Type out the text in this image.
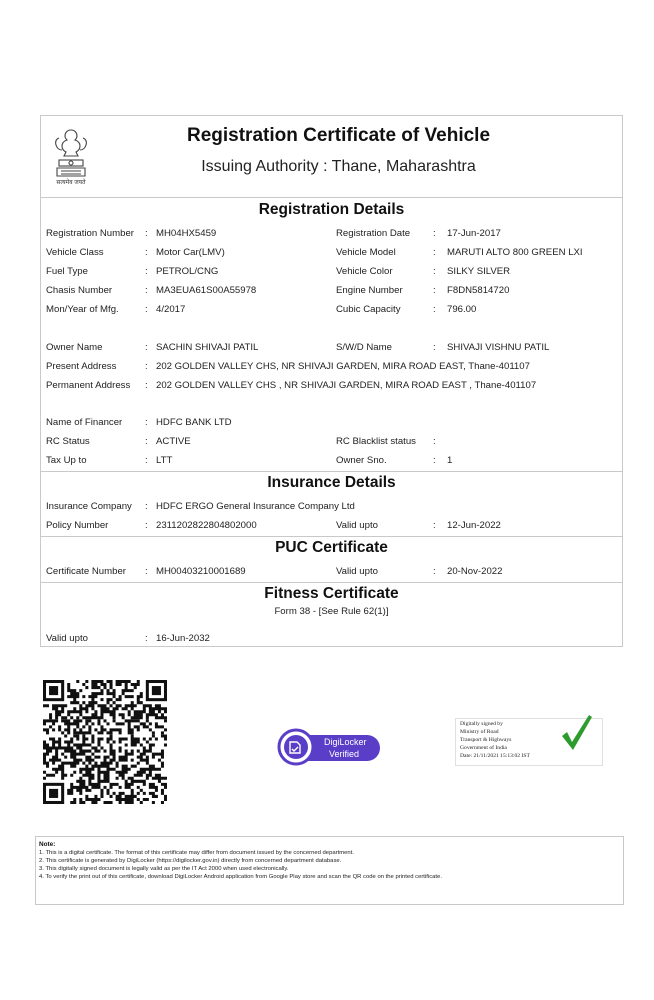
सत्यमेव जयते
Registration Certificate of Vehicle
Issuing Authority : Thane, Maharashtra
Registration Details
Registration Number : MH04HX5459	Registration Date : 17-Jun-2017
Vehicle Class	: Motor Car(LMV)	Vehicle Model	: MARUTI ALTO 800 GREEN LXI
Fuel Type	: PETROL/CNG	Vehicle Color	: SILKY SILVER
Chasis Number	: MA3EUA61S00A55978	Engine Number	: F8DN5814720
Mon/Year of Mfg.	: 4/2017	Cubic Capacity	: 796.00
Owner Name	: SACHIN SHIVAJI PATIL	S/W/D Name	: SHIVAJI VISHNU PATIL
Present Address	: 202 GOLDEN VALLEY CHS, NR SHIVAJI GARDEN, MIRA ROAD EAST, Thane-401107
Permanent Address : 202 GOLDEN VALLEY CHS , NR SHIVAJI GARDEN, MIRA ROAD EAST , Thane-401107
Name of Financer : HDFC BANK LTD
RC Status	: ACTIVE	RC Blacklist status :
Tax Up to	: LTT	Owner Sno.	: 1
Insurance Details
Insurance Company : HDFC ERGO General Insurance Company Ltd
Policy Number	: 2311202822804802000	Valid upto	: 12-Jun-2022
PUC Certificate
Certificate Number : MH00403210001689	Valid upto	: 20-Nov-2022
Fitness Certificate
Form 38 - [See Rule 62(1)]
Valid upto	: 16-Jun-2032
DigiLocker
Verified
Digitally signed by
Ministry of Road
Transport & Highways
Government of India
Date: 21/11/2021 15:13:02 IST
Note:
1. This is a digital certificate. The format of this certificate may differ from document issued by the concerned department.
2. This certificate is generated by DigiLocker (https://digilocker.gov.in) directly from concerned department database.
3. This digitally signed document is legally valid as per the IT Act 2000 when used electronically.
4. To verify the print out of this certificate, download DigiLocker Android application from Google Play store and scan the QR code on the printed certificate.
